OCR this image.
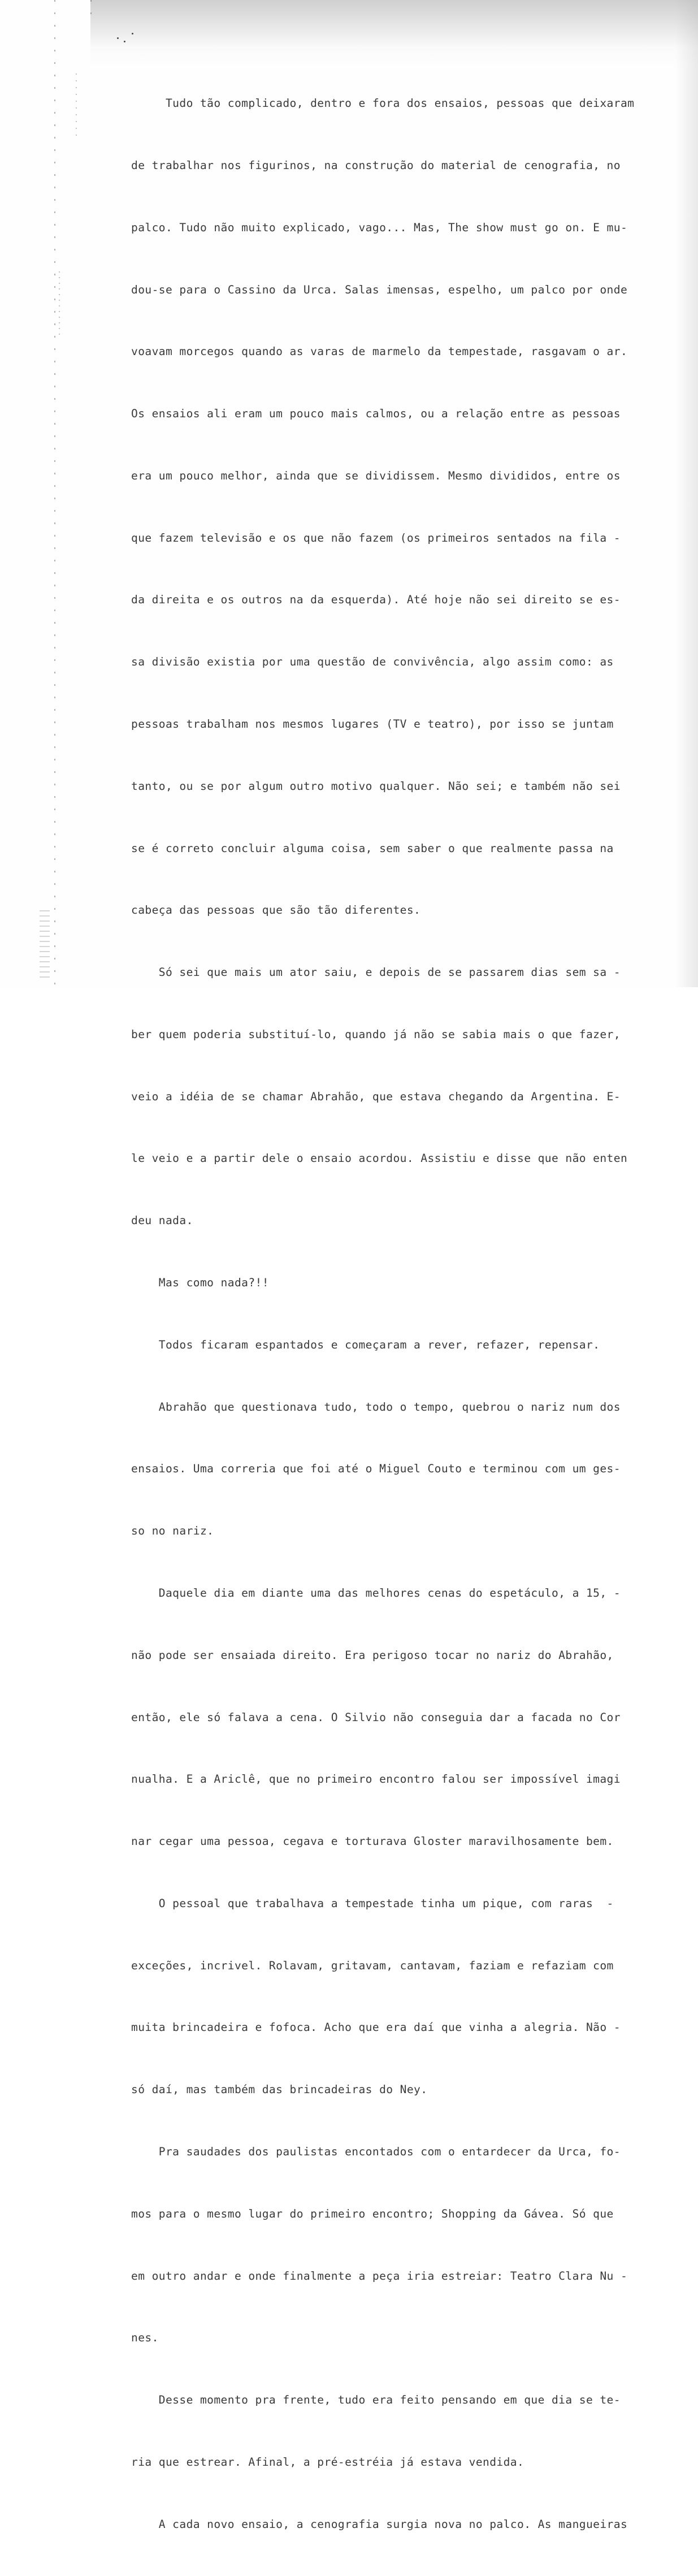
Tudo tão complicado, dentro e fora dos ensaios, pessoas que deixaram

de trabalhar nos figurinos, na construção do material de cenografia, no

palco. Tudo não muito explicado, vago... Mas, The show must go on. E mu-

dou-se para o Cassino da Urca. Salas imensas, espelho, um palco por onde

voavam morcegos quando as varas de marmelo da tempestade, rasgavam o ar.

Os ensaios ali eram um pouco mais calmos, ou a relação entre as pessoas

era um pouco melhor, ainda que se dividissem. Mesmo divididos, entre os

que fazem televisão e os que não fazem (os primeiros sentados na fila -

da direita e os outros na da esquerda). Até hoje não sei direito se es-

sa divisão existia por uma questão de convivência, algo assim como: as

pessoas trabalham nos mesmos lugares (TV e teatro), por isso se juntam

tanto, ou se por algum outro motivo qualquer. Não sei; e também não sei

se é correto concluir alguma coisa, sem saber o que realmente passa na

cabeça das pessoas que são tão diferentes.

Só sei que mais um ator saiu, e depois de se passarem dias sem sa -

ber quem poderia substituí-lo, quando já não se sabia mais o que fazer,

veio a idéia de se chamar Abrahão, que estava chegando da Argentina. E-

le veio e a partir dele o ensaio acordou. Assistiu e disse que não enten

deu nada.

Mas como nada?!!

Todos ficaram espantados e começaram a rever, refazer, repensar.

Abrahão que questionava tudo, todo o tempo, quebrou o nariz num dos

ensaios. Uma correria que foi até o Miguel Couto e terminou com um ges-

so no nariz.

Daquele dia em diante uma das melhores cenas do espetáculo, a 15, -

não pode ser ensaiada direito. Era perigoso tocar no nariz do Abrahão,

então, ele só falava a cena. O Silvio não conseguia dar a facada no Cor

nualha. E a Ariclê, que no primeiro encontro falou ser impossível imagi

nar cegar uma pessoa, cegava e torturava Gloster maravilhosamente bem.

O pessoal que trabalhava a tempestade tinha um pique, com raras  -

exceções, incrivel. Rolavam, gritavam, cantavam, faziam e refaziam com

muita brincadeira e fofoca. Acho que era daí que vinha a alegria. Não -

só daí, mas também das brincadeiras do Ney.

Pra saudades dos paulistas encontados com o entardecer da Urca, fo-

mos para o mesmo lugar do primeiro encontro; Shopping da Gávea. Só que

em outro andar e onde finalmente a peça iria estreiar: Teatro Clara Nu -

nes.

Desse momento pra frente, tudo era feito pensando em que dia se te-

ria que estrear. Afinal, a pré-estréia já estava vendida.

A cada novo ensaio, a cenografia surgia nova no palco. As mangueiras
